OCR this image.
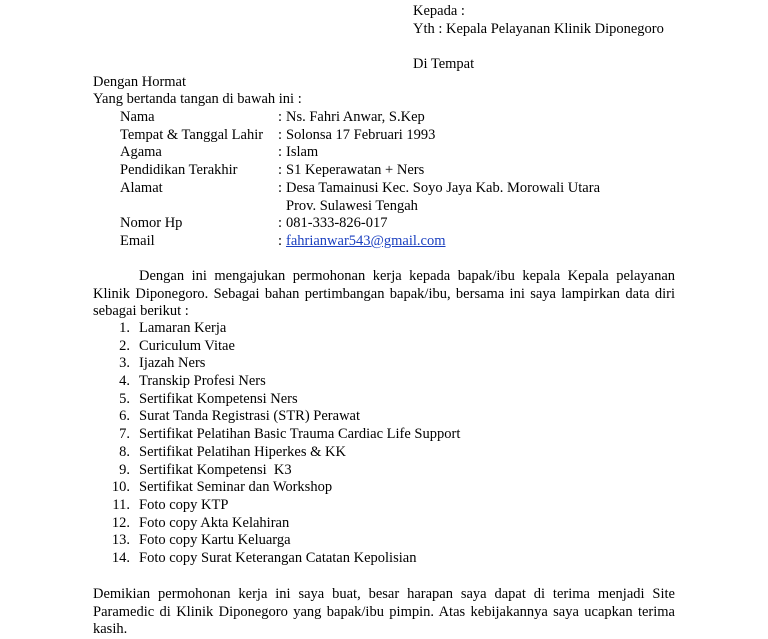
Kepada :
Yth : Kepala Pelayanan Klinik Diponegoro
Di Tempat
Dengan Hormat
Yang bertanda tangan di bawah ini :
Nama	: Ns. Fahri Anwar, S.Kep
Tempat & Tanggal Lahir : Solonsa 17 Februari 1993
Agama	: Islam
Pendidikan Terakhir	: S1 Keperawatan + Ners
Alamat	: Desa Tamainusi Kec. Soyo Jaya Kab. Morowali Utara
Prov. Sulawesi Tengah
Nomor Hp	: 081-333-826-017
Email	: fahrianwar543@gmail.com
Dengan ini mengajukan permohonan kerja kepada bapak/ibu kepala Kepala pelayanan Klinik Diponegoro. Sebagai bahan pertimbangan bapak/ibu, bersama ini saya lampirkan data diri sebagai berikut :
1. Lamaran Kerja
2. Curiculum Vitae
3. Ijazah Ners
4. Transkip Profesi Ners
5. Sertifikat Kompetensi Ners
6. Surat Tanda Registrasi (STR) Perawat
7. Sertifikat Pelatihan Basic Trauma Cardiac Life Support
8. Sertifikat Pelatihan Hiperkes & KK
9. Sertifikat Kompetensi  K3
10. Sertifikat Seminar dan Workshop
11. Foto copy KTP
12. Foto copy Akta Kelahiran
13. Foto copy Kartu Keluarga
14. Foto copy Surat Keterangan Catatan Kepolisian
Demikian permohonan kerja ini saya buat, besar harapan saya dapat di terima menjadi Site Paramedic di Klinik Diponegoro yang bapak/ibu pimpin. Atas kebijakannya saya ucapkan terima kasih.
